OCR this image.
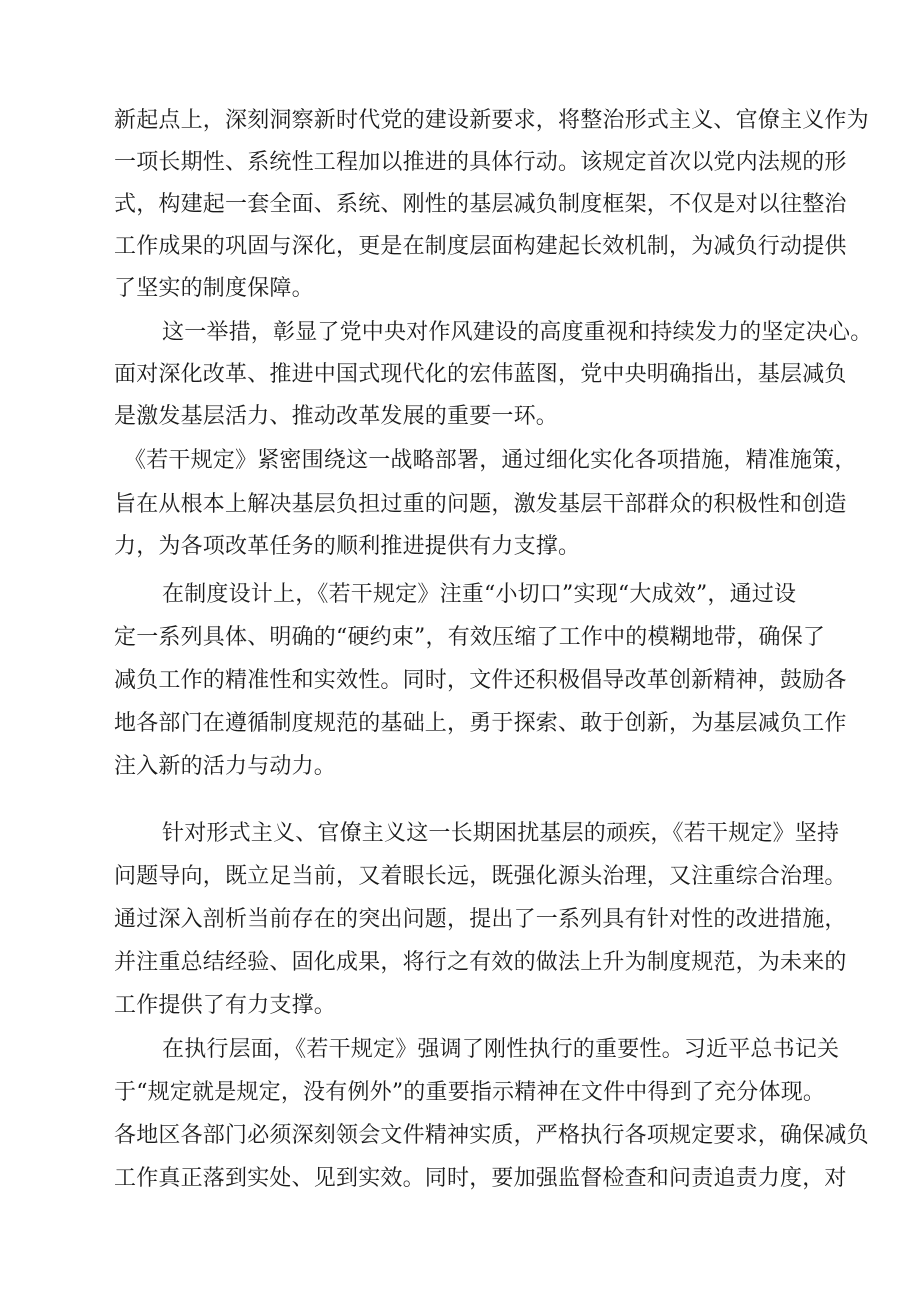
新起点上，深刻洞察新时代党的建设新要求，将整治形式主义、官僚主义作为
一项长期性、系统性工程加以推进的具体行动。该规定首次以党内法规的形
式，构建起一套全面、系统、刚性的基层减负制度框架，不仅是对以往整治
工作成果的巩固与深化，更是在制度层面构建起长效机制，为减负行动提供
了坚实的制度保障。
这一举措，彰显了党中央对作风建设的高度重视和持续发力的坚定决心。
面对深化改革、推进中国式现代化的宏伟蓝图，党中央明确指出，基层减负
是激发基层活力、推动改革发展的重要一环。
《若干规定》紧密围绕这一战略部署，通过细化实化各项措施，精准施策，
旨在从根本上解决基层负担过重的问题，激发基层干部群众的积极性和创造
力，为各项改革任务的顺利推进提供有力支撑。
在制度设计上，《若干规定》注重“小切口”实现“大成效”，通过设
定一系列具体、明确的“硬约束”，有效压缩了工作中的模糊地带，确保了
减负工作的精准性和实效性。同时，文件还积极倡导改革创新精神，鼓励各
地各部门在遵循制度规范的基础上，勇于探索、敢于创新，为基层减负工作
注入新的活力与动力。
针对形式主义、官僚主义这一长期困扰基层的顽疾，《若干规定》坚持
问题导向，既立足当前，又着眼长远，既强化源头治理，又注重综合治理。
通过深入剖析当前存在的突出问题，提出了一系列具有针对性的改进措施，
并注重总结经验、固化成果，将行之有效的做法上升为制度规范，为未来的
工作提供了有力支撑。
在执行层面，《若干规定》强调了刚性执行的重要性。习近平总书记关
于“规定就是规定，没有例外”的重要指示精神在文件中得到了充分体现。
各地区各部门必须深刻领会文件精神实质，严格执行各项规定要求，确保减负
工作真正落到实处、见到实效。同时，要加强监督检查和问责追责力度，对
